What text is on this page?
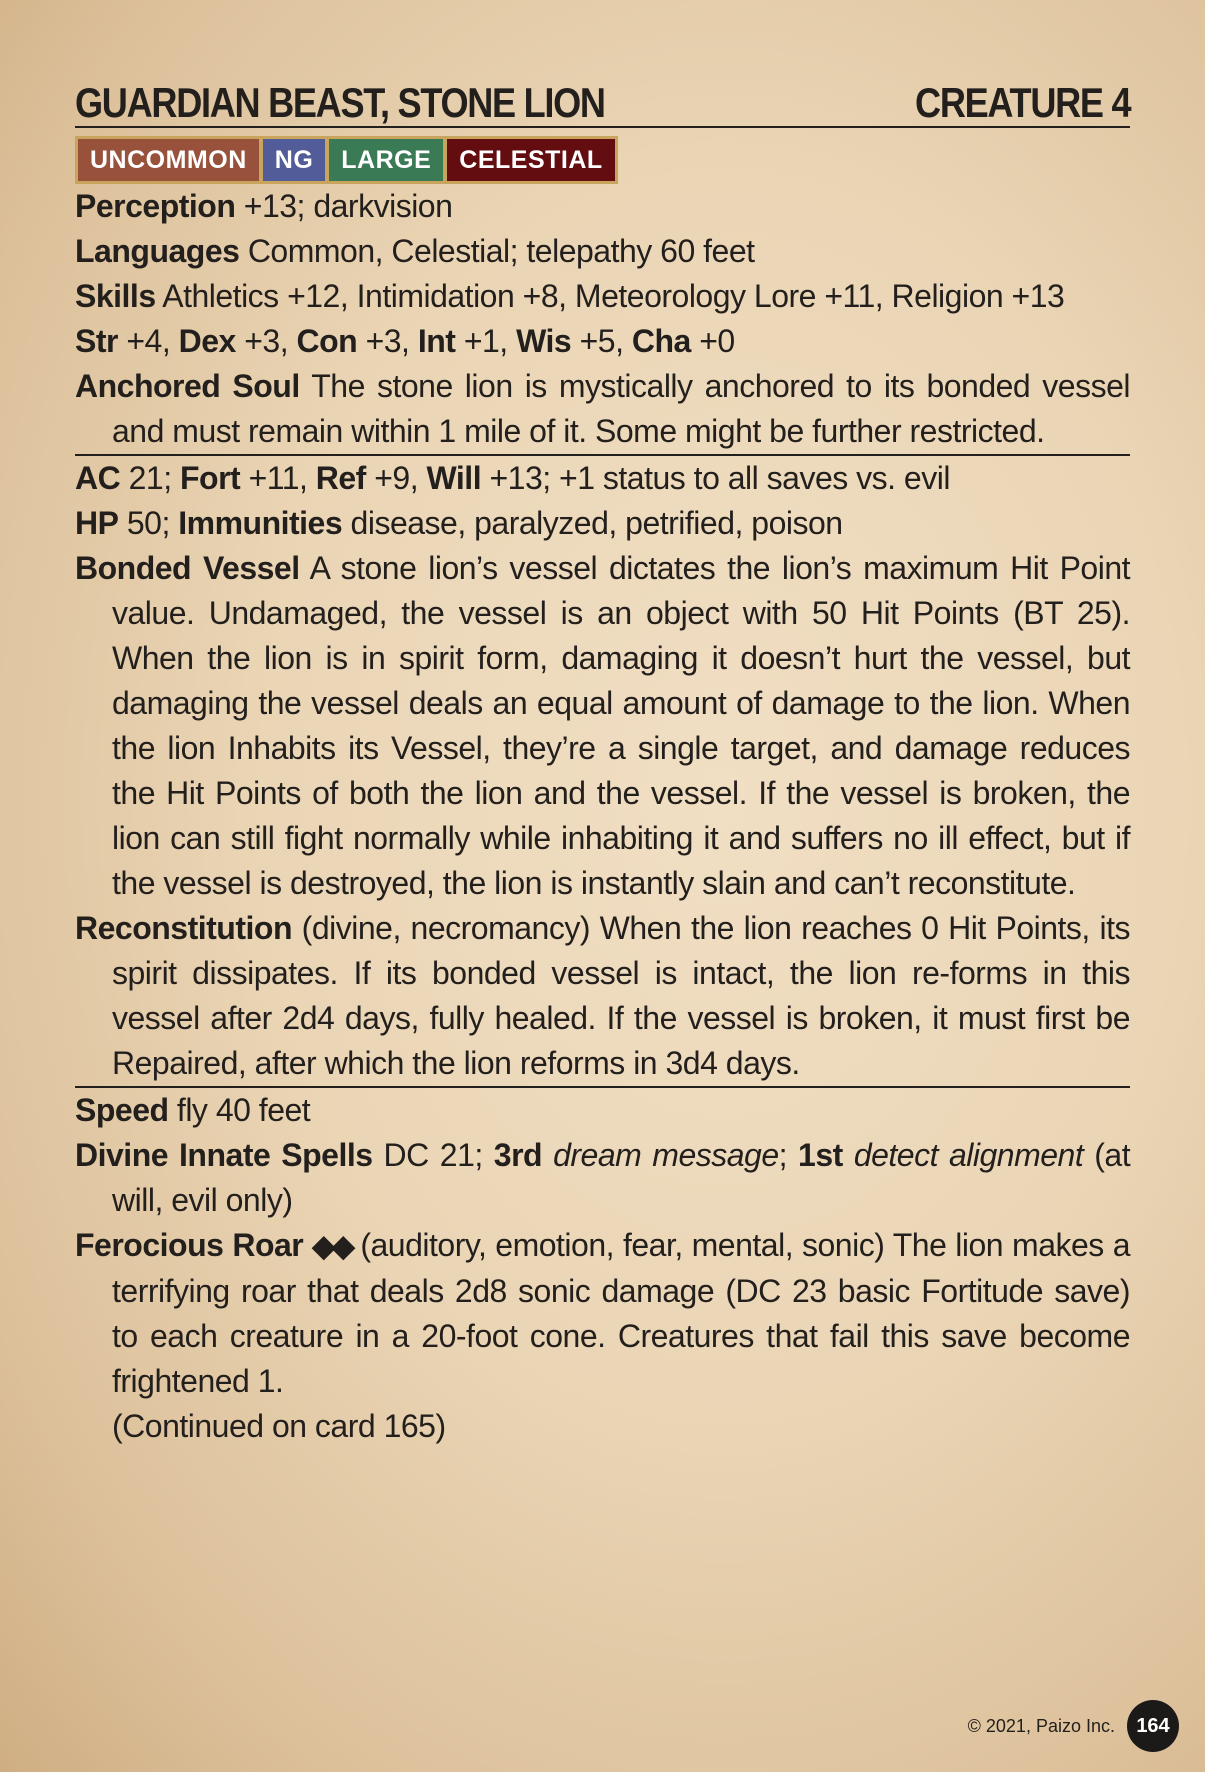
GUARDIAN BEAST, STONE LION	CREATURE 4
UNCOMMON	NG	LARGE	CELESTIAL
Perception +13; darkvision
Languages Common, Celestial; telepathy 60 feet
Skills Athletics +12, Intimidation +8, Meteorology Lore +11, Religion +13
Str +4, Dex +3, Con +3, Int +1, Wis +5, Cha +0
Anchored Soul The stone lion is mystically anchored to its bonded vessel and must remain within 1 mile of it. Some might be further restricted.
AC 21; Fort +11, Ref +9, Will +13; +1 status to all saves vs. evil
HP 50; Immunities disease, paralyzed, petrified, poison
Bonded Vessel A stone lion’s vessel dictates the lion’s maximum Hit Point value. Undamaged, the vessel is an object with 50 Hit Points (BT 25). When the lion is in spirit form, damaging it doesn’t hurt the vessel, but damaging the vessel deals an equal amount of damage to the lion. When the lion Inhabits its Vessel, they’re a single target, and damage reduces the Hit Points of both the lion and the vessel. If the vessel is broken, the lion can still fight normally while inhabiting it and suffers no ill effect, but if the vessel is destroyed, the lion is instantly slain and can’t reconstitute.
Reconstitution (divine, necromancy) When the lion reaches 0 Hit Points, its spirit dissipates. If its bonded vessel is intact, the lion re-forms in this vessel after 2d4 days, fully healed. If the vessel is broken, it must first be Repaired, after which the lion reforms in 3d4 days.
Speed fly 40 feet
Divine Innate Spells DC 21; 3rd dream message; 1st detect alignment (at will, evil only)
Ferocious Roar ◆◆ (auditory, emotion, fear, mental, sonic) The lion makes a terrifying roar that deals 2d8 sonic damage (DC 23 basic Fortitude save) to each creature in a 20-foot cone. Creatures that fail this save become frightened 1.
(Continued on card 165)
© 2021, Paizo Inc.	164
